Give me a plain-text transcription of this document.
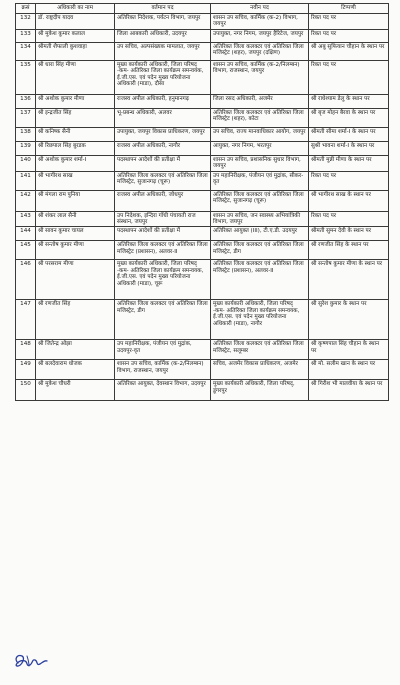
क्रसं	अधिकारी का नाम	वर्तमान पद	नवीन पद	टिप्पणी
132	डॉ. राष्ट्रदीप यादव	अतिरिक्त निदेशक, पर्यटन विभाग, जयपुर	शासन उप सचिव, कार्मिक (क-2) विभाग, जयपुर	रिक्त पद पर
133	श्री मुकेश कुमार कलाल	जिला आबकारी अधिकारी, उदयपुर	उपायुक्त, नगर निगम, जयपुर हैरिटेज, जयपुर	रिक्त पद पर
134	श्रीमती शैफाली कुशवाहा	उप सचिव, अल्पसंख्यक मामलात, जयपुर	अतिरिक्त जिला कलक्टर एवं अतिरिक्त जिला मजिस्ट्रेट (शहर), जयपुर (दक्षिण)	श्री अबु सुफियान चौहान के स्थान पर
135	श्री धारा सिंह मीणा	मुख्य कार्यकारी अधिकारी, जिला परिषद् -कम- अतिरिक्त जिला कार्यक्रम समन्वयक, ई.जी.एस. एवं पदेन मुख्य परियोजना अधिकारी (माडा), दौसा	शासन उप सचिव, कार्मिक (क-2/निलम्बन) विभाग, राजस्थान, जयपुर	रिक्त पद पर
136	श्री अशोक कुमार मीणा	राजस्व अपील अधिकारी, हनुमानगढ़	जिला रसद अधिकारी, अजमेर	श्री राधेश्याम डेलु के स्थान पर
137	श्री इन्द्रजीत सिंह	भू-प्रबन्ध अधिकारी, अलवर	अतिरिक्त जिला कलक्टर एवं अतिरिक्त जिला मजिस्ट्रेट (शहर), कोटा	श्री बृज मोहन बैरवा के स्थान पर
138	श्री कनिष्क सैनी	उपायुक्त, जयपुर विकास प्राधिकरण, जयपुर	उप सचिव, राज्य मानवाधिकार आयोग, जयपुर	श्रीमती सीमा शर्मा-I के स्थान पर
139	श्री रिछपाल सिंह बुरडक	राजस्व अपील अधिकारी, नागौर	आयुक्त, नगर निगम, भरतपुर	सुश्री भावना शर्मा-I के स्थान पर
140	श्री अशोक कुमार शर्मा-I	पदस्थापन आदेशों की प्रतीक्षा में	शासन उप सचिव, प्रशासनिक सुधार विभाग, जयपुर	श्रीमती मुन्नी मीणा के स्थान पर
141	श्री भागीरथ साख	अतिरिक्त जिला कलक्टर एवं अतिरिक्त जिला मजिस्ट्रेट, सुजानगढ़ (चूरू)	उप महानिरीक्षक, पंजीयन एवं मुद्रांक, सीकर-वृत	रिक्त पद पर
142	श्री मंगला राम पुनिया	राजस्व अपील अधिकारी, जोधपुर	अतिरिक्त जिला कलक्टर एवं अतिरिक्त जिला मजिस्ट्रेट, सुजानगढ़ (चूरू)	श्री भागीरथ साख के स्थान पर
143	श्री शंकर लाल सैनी	उप निदेशक, इन्दिरा गाँधी पंचायती राज संस्थान, जयपुर	शासन उप सचिव, जन स्वास्थ्य अभियांत्रिकी विभाग, जयपुर	रिक्त पद पर
144	श्री सावन कुमार चायल	पदस्थापन आदेशों की प्रतीक्षा में	अतिरिक्त आयुक्त (III), टी.ए.डी. उदयपुर	श्रीमती सुमन देवी के स्थान पर
145	श्री सन्तोष कुमार मीणा	अतिरिक्त जिला कलक्टर एवं अतिरिक्त जिला मजिस्ट्रेट (प्रशासन), अलवर-II	अतिरिक्त जिला कलक्टर एवं अतिरिक्त जिला मजिस्ट्रेट, डीग	श्री रणजीत सिंह के स्थान पर
146	श्री परसराम मीणा	मुख्य कार्यकारी अधिकारी, जिला परिषद् -कम- अतिरिक्त जिला कार्यक्रम समन्वयक, ई.जी.एस. एवं पदेन मुख्य परियोजना अधिकारी (माडा), चूरू	अतिरिक्त जिला कलक्टर एवं अतिरिक्त जिला मजिस्ट्रेट (प्रशासन), अलवर-II	श्री सन्तोष कुमार मीणा के स्थान पर
147	श्री रणजीत सिंह	अतिरिक्त जिला कलक्टर एवं अतिरिक्त जिला मजिस्ट्रेट, डीग	मुख्य कार्यकारी अधिकारी, जिला परिषद् -कम- अतिरिक्त जिला कार्यक्रम समन्वयक, ई.जी.एस. एवं पदेन मुख्य परियोजना अधिकारी (माडा), नागौर	श्री सुरेश कुमार के स्थान पर
148	श्री जितेन्द्र ओझा	उप महानिरीक्षक, पंजीयन एवं मुद्रांक, उदयपुर-वृत	अतिरिक्त जिला कलक्टर एवं अतिरिक्त जिला मजिस्ट्रेट, सलूम्बर	श्री कृष्णपाल सिंह चौहान के स्थान पर
149	श्री बलदेवाराम धोजक	शासन उप सचिव, कार्मिक (क-2/निलम्बन) विभाग, राजस्थान, जयपुर	सचिव, अजमेर विकास प्राधिकरण, अजमेर	श्री मो. सलीम खान के स्थान पर
150	श्री मुकेश चौधरी	अतिरिक्त आयुक्त, देवस्थान विभाग, उदयपुर	मुख्य कार्यकारी अधिकारी, जिला परिषद्, डूंगरपुर	श्री गिरीश भी मालवीया के स्थान पर
